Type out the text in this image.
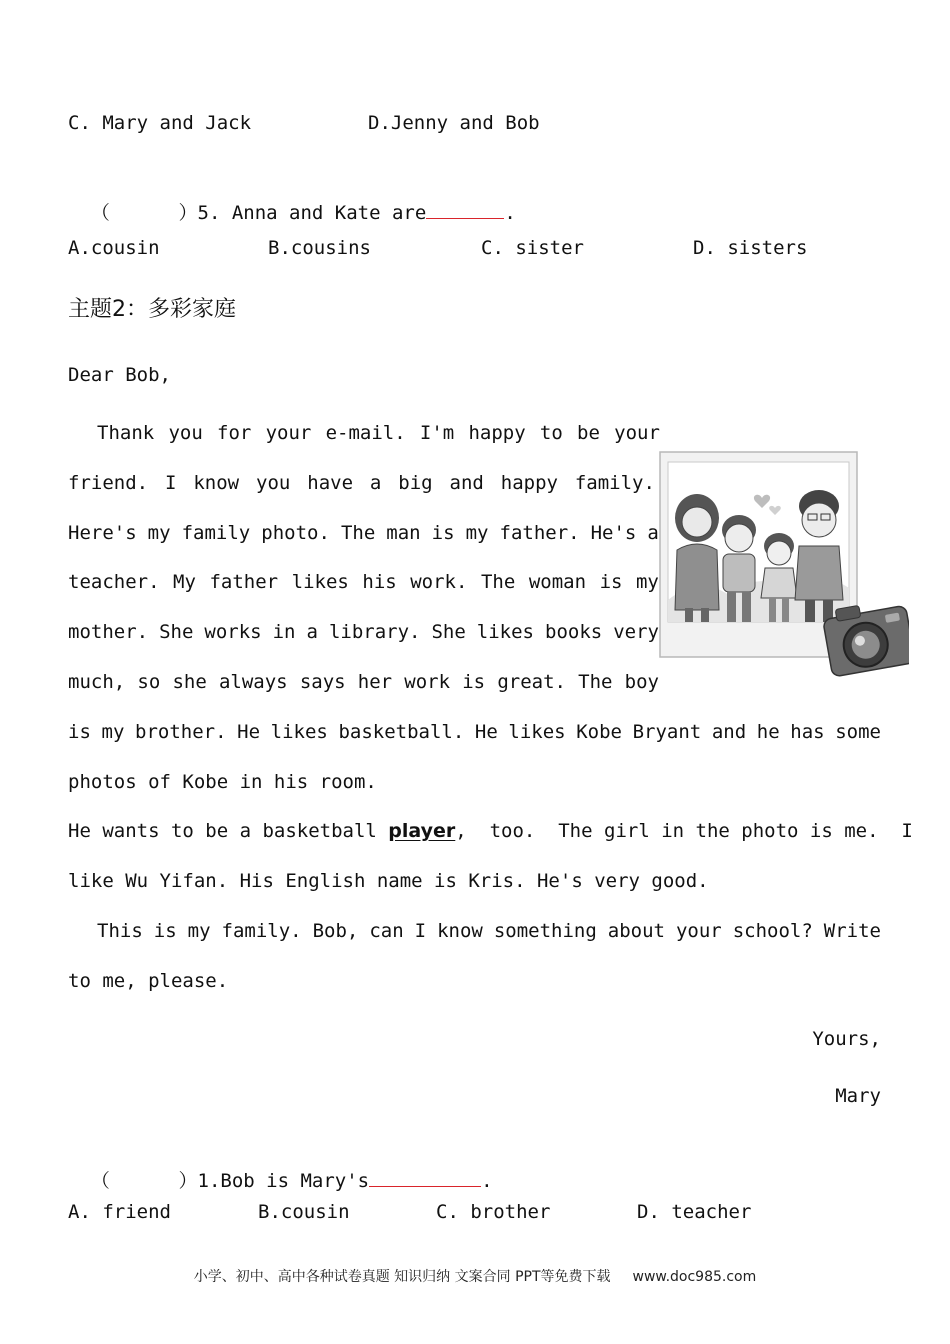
C. Mary and Jack	D.Jenny and Bob

（      ）5. Anna and Kate are	.

A.cousin	B.cousins	C. sister	D. sisters
主题2：多彩家庭
Dear Bob,
Thank you for your e-mail. I'm happy to be your
friend. I know you have a big and happy family.
Here's my family photo. The man is my father. He's a
teacher. My father likes his work. The woman is my
mother. She works in a library. She likes books very
much, so she always says her work is great. The boy
is my brother. He likes basketball. He likes Kobe Bryant and he has some
photos of Kobe in his room.
He wants to be a basketball player,  too.  The girl in the photo is me.  I
like Wu Yifan. His English name is Kris. He's very good.
This is my family. Bob, can I know something about your school? Write
to me, please.
Yours,
Mary

（      ）1.Bob is Mary's	.

A. friend	B.cousin	C. brother	D. teacher
小学、初中、高中各种试卷真题 知识归纳 文案合同 PPT等免费下载 www.doc985.com
